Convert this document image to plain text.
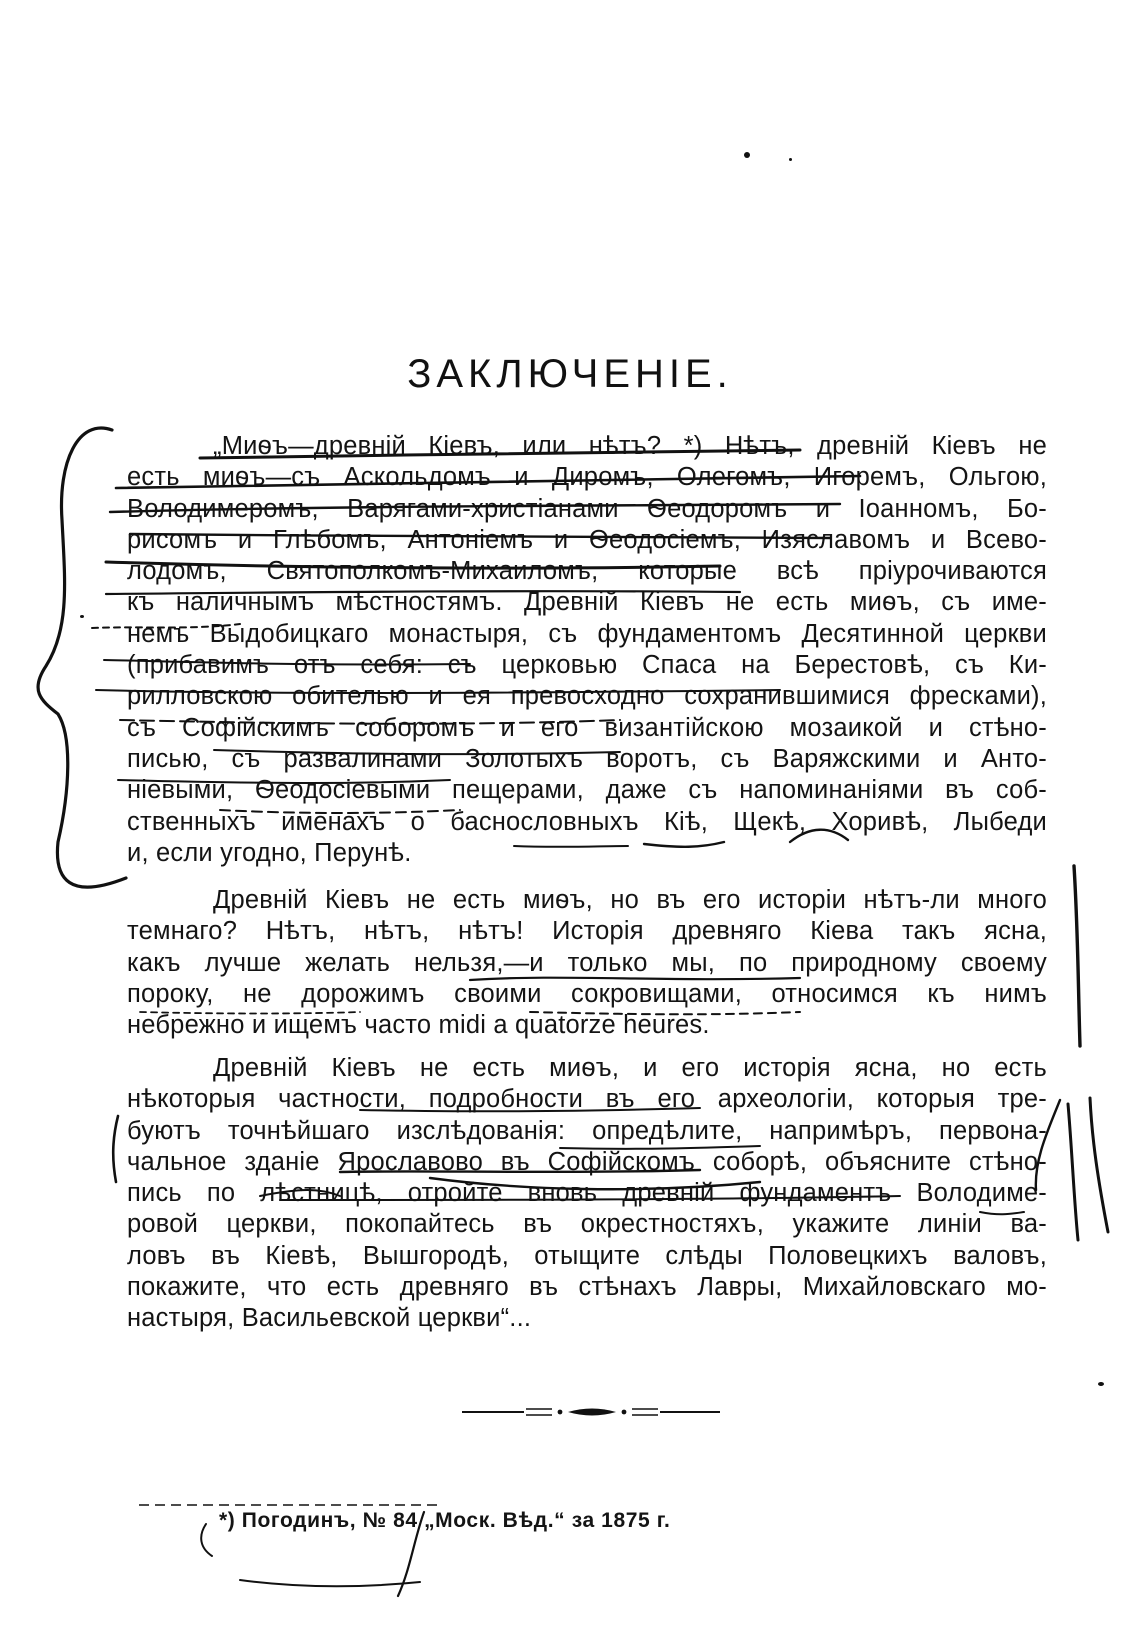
ЗАКЛЮЧЕНІЕ.
„Миѳъ—древній Кіевъ, или нѣтъ? *) Нѣтъ, древній Кіевъ не
есть миѳъ—съ Аскольдомъ и Диромъ, Олегомъ, Игоремъ, Ольгою,
Володимеромъ, Варягами-христіанами Ѳеодоромъ и Іоанномъ, Бо-
рисомъ и Глѣбомъ, Антоніемъ и Ѳеодосіемъ, Изяславомъ и Всево-
лодомъ, Святополкомъ-Михаиломъ, которые всѣ пріурочиваются
къ наличнымъ мѣстностямъ. Древній Кіевъ не есть миѳъ, съ име-
немъ Выдобицкаго монастыря, съ фундаментомъ Десятинной церкви
(прибавимъ отъ себя: съ церковью Спаса на Берестовѣ, съ Ки-
рилловскою обителью и ея превосходно сохранившимися фресками),
съ Софійскимъ соборомъ и его византійскою мозаикой и стѣно-
писью, съ развалинами Золотыхъ воротъ, съ Варяжскими и Анто-
ніевыми, Ѳеодосіевыми пещерами, даже съ напоминаніями въ соб-
ственныхъ именахъ о баснословныхъ Кіѣ, Щекѣ, Хоривѣ, Лыбеди
и, если угодно, Перунѣ.
Древній Кіевъ не есть миѳъ, но въ его исторіи нѣтъ-ли много
темнаго? Нѣтъ, нѣтъ, нѣтъ! Исторія древняго Кіева такъ ясна,
какъ лучше желать нельзя,—и только мы, по природному своему
пороку, не дорожимъ своими сокровищами, относимся къ нимъ
небрежно и ищемъ часто midi a quatorze heures.
Древній Кіевъ не есть миѳъ, и его исторія ясна, но есть
нѣкоторыя частности, подробности въ его археологіи, которыя тре-
буютъ точнѣйшаго изслѣдованія: опредѣлите, напримѣръ, первона-
чальное зданіе Ярославово въ Софійскомъ соборѣ, объясните стѣно-
пись по лѣстницѣ, отройте вновь древній фундаментъ Володиме-
ровой церкви, покопайтесь въ окрестностяхъ, укажите линіи ва-
ловъ въ Кіевѣ, Вышгородѣ, отыщите слѣды Половецкихъ валовъ,
покажите, что есть древняго въ стѣнахъ Лавры, Михайловскаго мо-
настыря, Васильевской церкви“...
*) Погодинъ, № 84 „Моск. Вѣд.“ за 1875 г.
